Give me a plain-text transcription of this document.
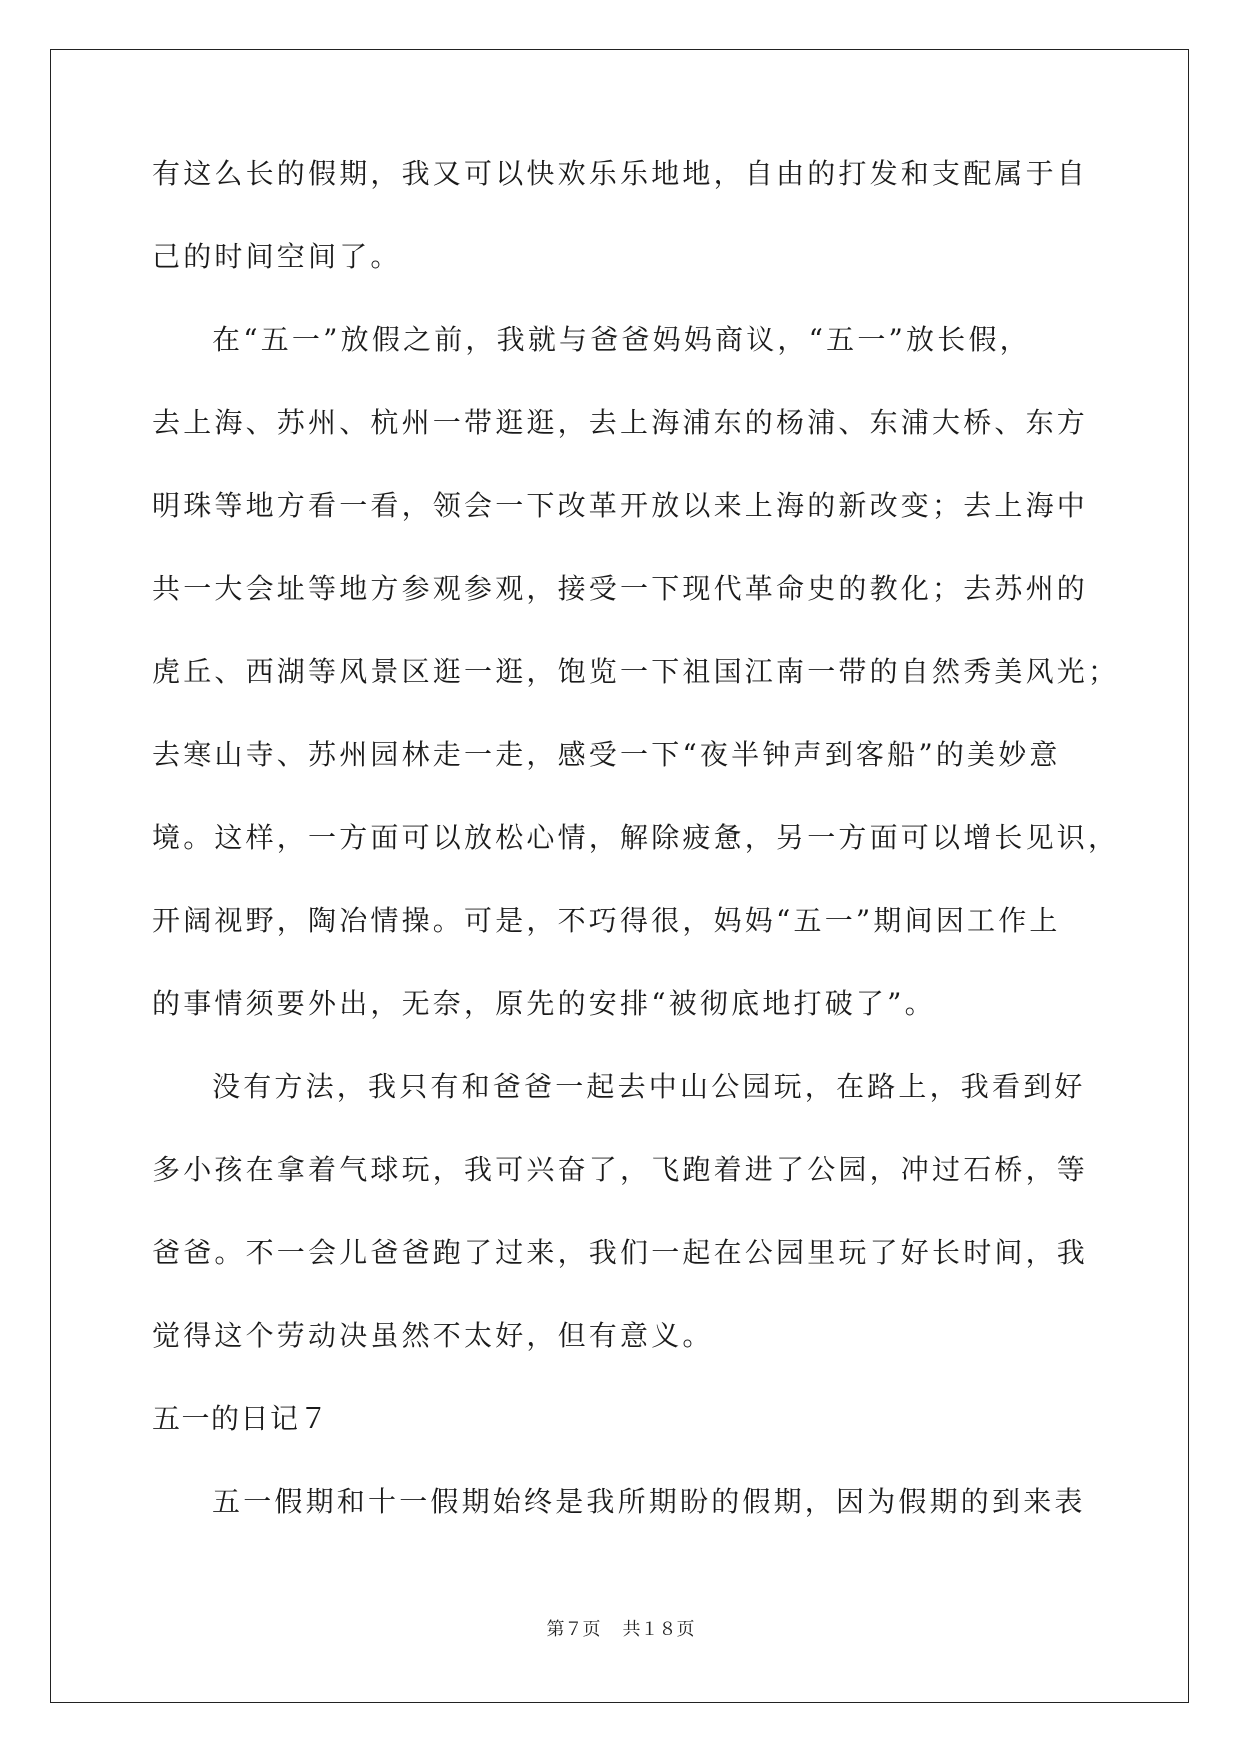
有这么长的假期，我又可以快欢乐乐地地，自由的打发和支配属于自
己的时间空间了。
在“五一”放假之前，我就与爸爸妈妈商议，“五一”放长假，
去上海、苏州、杭州一带逛逛，去上海浦东的杨浦、东浦大桥、东方
明珠等地方看一看，领会一下改革开放以来上海的新改变；去上海中
共一大会址等地方参观参观，接受一下现代革命史的教化；去苏州的
虎丘、西湖等风景区逛一逛，饱览一下祖国江南一带的自然秀美风光；
去寒山寺、苏州园林走一走，感受一下“夜半钟声到客船”的美妙意
境。这样，一方面可以放松心情，解除疲惫，另一方面可以增长见识，
开阔视野，陶冶情操。可是，不巧得很，妈妈“五一”期间因工作上
的事情须要外出，无奈，原先的安排“被彻底地打破了”。
没有方法，我只有和爸爸一起去中山公园玩，在路上，我看到好
多小孩在拿着气球玩，我可兴奋了，飞跑着进了公园，冲过石桥，等
爸爸。不一会儿爸爸跑了过来，我们一起在公园里玩了好长时间，我
觉得这个劳动决虽然不太好，但有意义。
五一的日记７
五一假期和十一假期始终是我所期盼的假期，因为假期的到来表
第７页 共１８页
